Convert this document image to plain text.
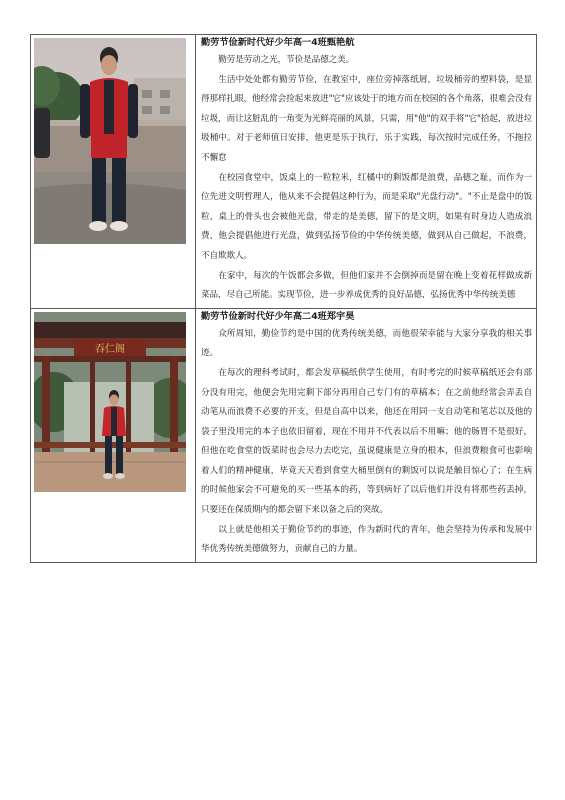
勤劳节俭新时代好少年高一4班甄艳航

勤劳是劳动之光，节俭是品德之美。

生活中处处都有勤劳节俭，在教室中，座位旁掉落纸屑，垃圾桶旁的塑料袋，是显得那样扎眼，他经常会捡起来放进"它"应该处于的地方而在校园的各个角落，很难会没有垃圾，而让这脏乱的一角变为光鲜亮丽的风景，只需，用"他"的双手将"它"拾起，放进垃圾桶中。对于老师值日安排，他更是乐于执行，乐于实践，每次按时完成任务，不拖拉不懈怠

在校园食堂中，饭桌上的一粒粒米，红橘中的剩饭都是浪费，品德之耻，而作为一位先进文明哲理人，他从来不会提倡这种行为，而是采取"光盘行动"。"不止是盘中的饭粒，桌上的骨头也会被他光盘，带走的是美德，留下的是文明，如果有时身边人造成浪费，他会提倡他进行光盘，做到弘扬节俭的中华传统美德，做到从自己做起，不浪费，不自欺欺人。

在家中，每次的午饭都会多做，但他们家并不会倒掉而是留在晚上变着花样做成新菜品，尽自己所能。实现节俭，进一步养成优秀的良好品德，弘扬优秀中华传统美德

吞仁阁	勤劳节俭新时代好少年高二4班郑宇昊

众所周知，勤俭节约是中国的优秀传统美德，而他很荣幸能与大家分享我的相关事迹。

在每次的理科考试时，都会发草稿纸供学生使用，有时考完的时候草稿纸还会有部分没有用完，他便会先用完剩下部分再用自己专门有的草稿本；在之前他经常会弄丢自动笔从而浪费不必要的开支，但是自高中以来，他还在用同一支自动笔和笔芯以及他的袋子里没用完的本子也依旧留着，现在不用并不代表以后不用嘛；他的肠胃不是很好，但他在吃食堂的饭菜时也会尽力去吃完，虽说健康是立身的根本，但浪费粮食可也影响着人们的精神健康，毕竟天天看到食堂大桶里倒有的剩饭可以说是触目惊心了；在生病的时候他家会不可避免的买一些基本的药，等到病好了以后他们并没有将那些药丢掉，只要还在保质期内的都会留下来以备之后的突故。

以上就是他相关于勤俭节约的事迹，作为新时代的青年，他会坚持为传承和发展中华优秀传统美德做努力，贡献自己的力量。
